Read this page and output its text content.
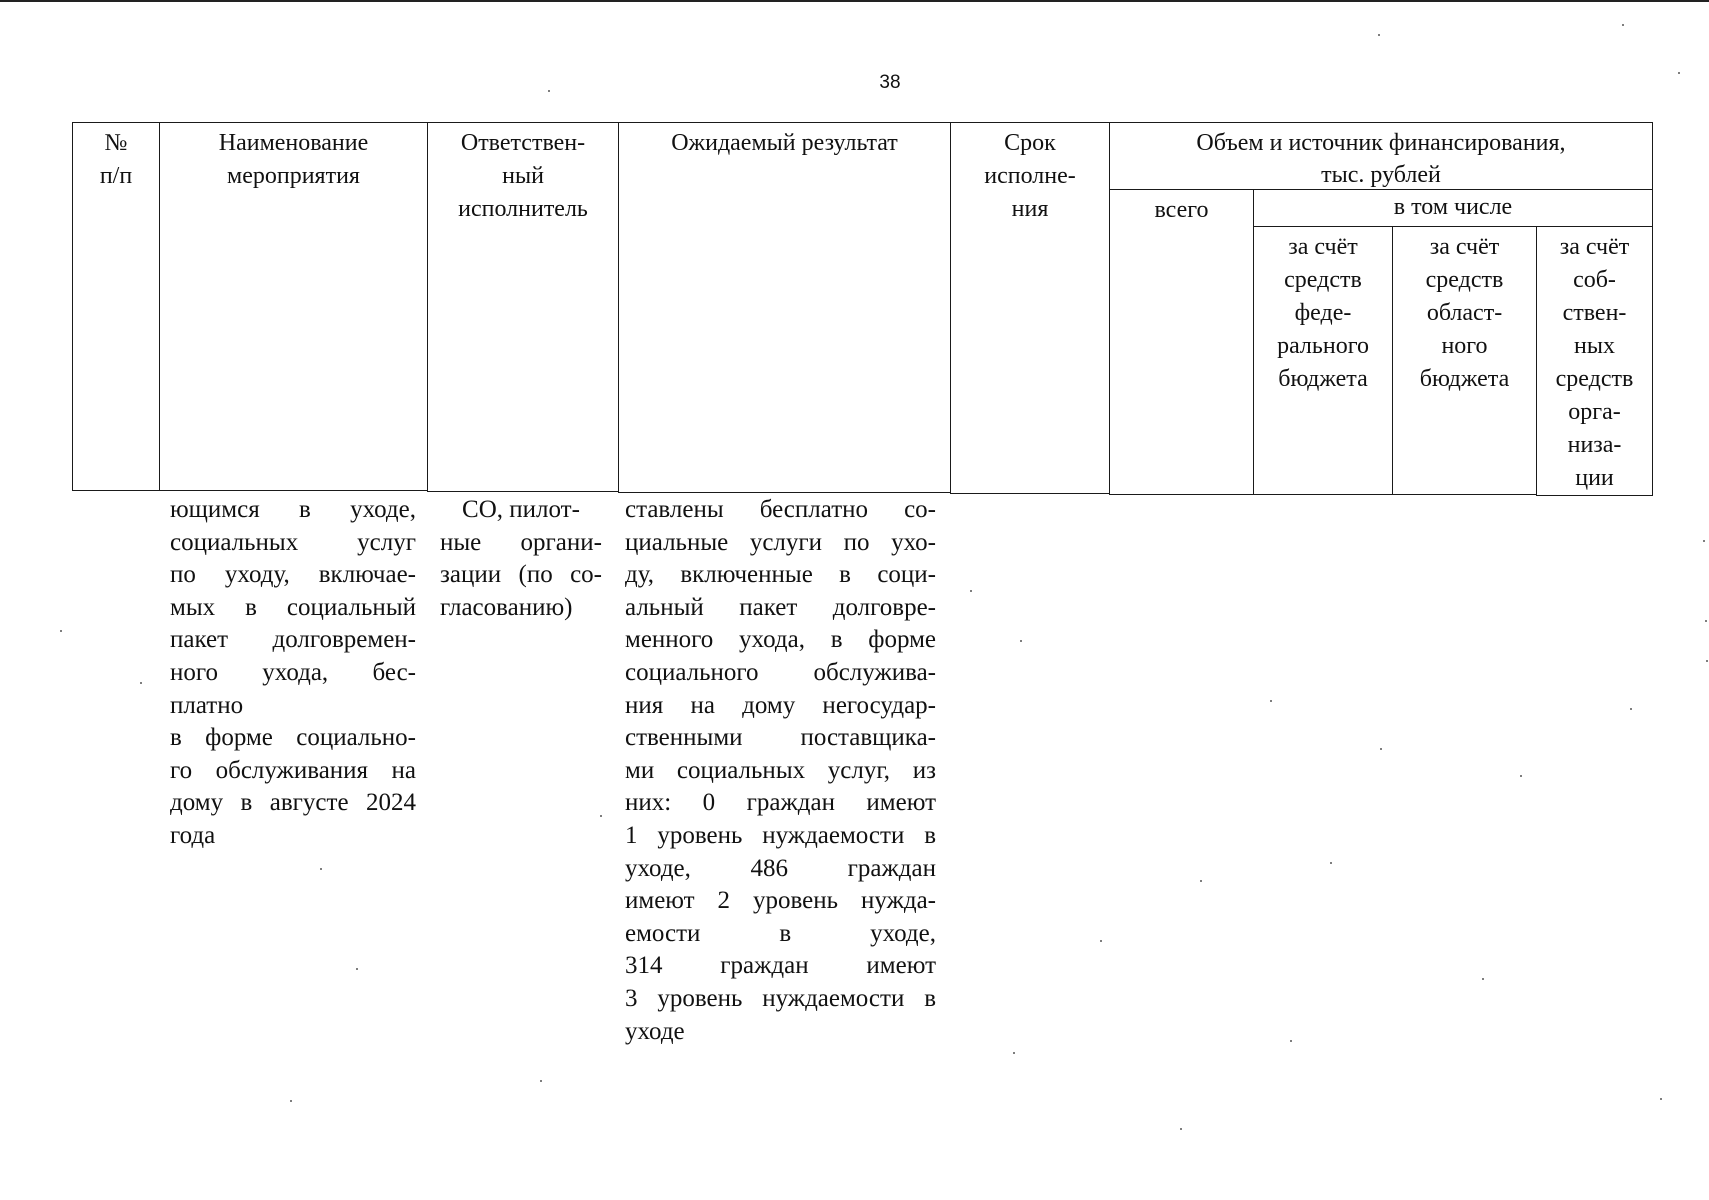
38
№
п/п
Наименование
мероприятия
Ответствен-
ный
исполнитель
Ожидаемый результат	Срок
исполне-
ния
Объем и источник финансирования,
тыс. рублей
всего	в том числе
за счёт
средств
феде-
рального
бюджета
за счёт
средств
област-
ного
бюджета
за счёт
соб-
ствен-
ных
средств
орга-
низа-
ции
ющимся в уходе,
социальных услуг
по уходу, включае-
мых в социальный
пакет долговремен-
ного ухода, бес-
платно
в форме социально-
го обслуживания на
дому в августе 2024
года
СО, пилот-
ные органи-
зации (по со-
гласованию)
ставлены бесплатно со-
циальные услуги по ухо-
ду, включенные в соци-
альный пакет долговре-
менного ухода, в форме
социального обслужива-
ния на дому негосудар-
ственными поставщика-
ми социальных услуг, из
них: 0 граждан имеют
1 уровень нуждаемости в
уходе, 486 граждан
имеют 2 уровень нужда-
емости в уходе,
314 граждан имеют
3 уровень нуждаемости в
уходе
